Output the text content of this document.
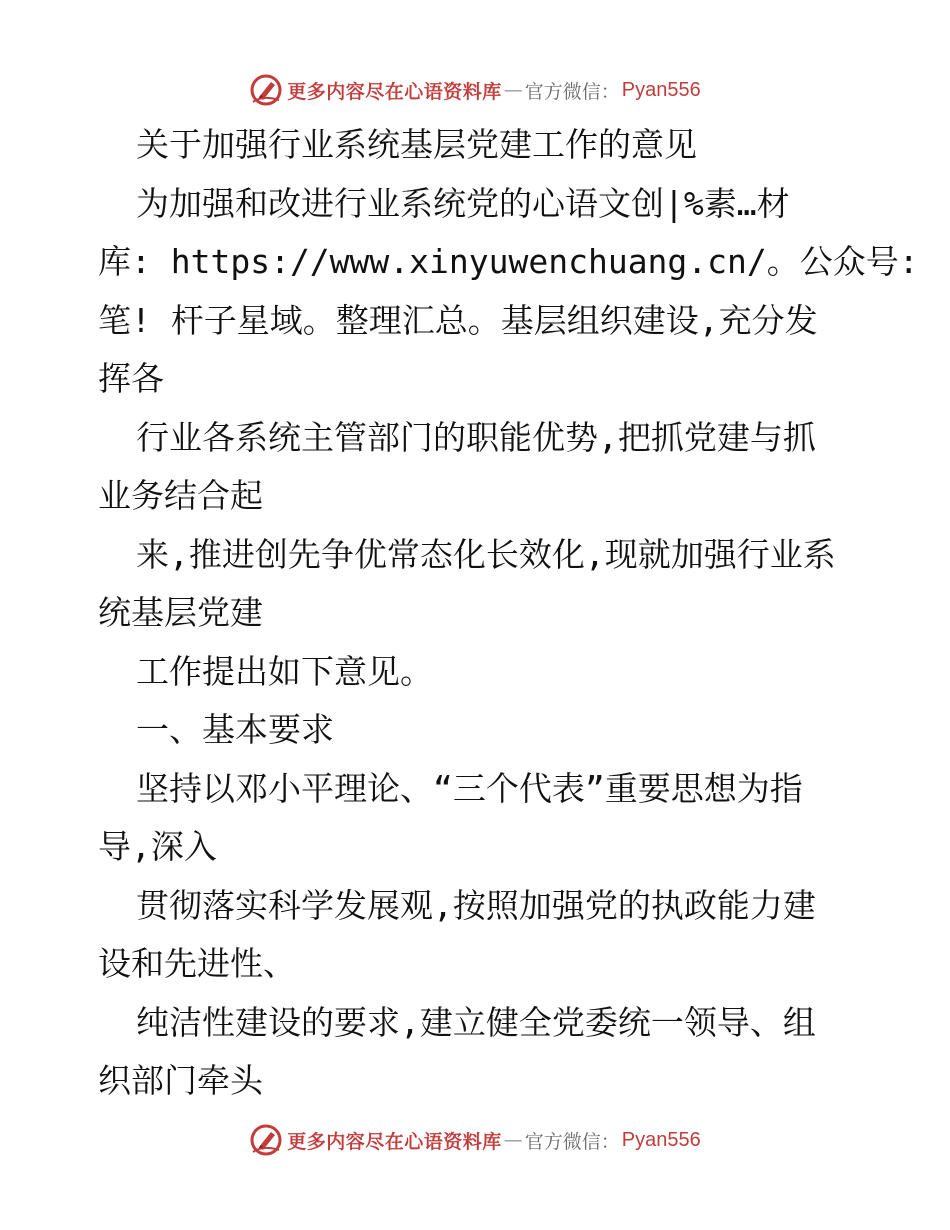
更多内容尽在心语资料库 — 官方微信： Pyan556
关于加强行业系统基层党建工作的意见
为加强和改进行业系统党的心语文创|%素…材
库: https://www.xinyuwenchuang.cn/。公众号:
笔! 杆子星域。整理汇总。基层组织建设,充分发
挥各
行业各系统主管部门的职能优势,把抓党建与抓
业务结合起
来,推进创先争优常态化长效化,现就加强行业系
统基层党建
工作提出如下意见。
一、基本要求
坚持以邓小平理论、“三个代表”重要思想为指
导,深入
贯彻落实科学发展观,按照加强党的执政能力建
设和先进性、
纯洁性建设的要求,建立健全党委统一领导、组
织部门牵头
更多内容尽在心语资料库 — 官方微信： Pyan556
